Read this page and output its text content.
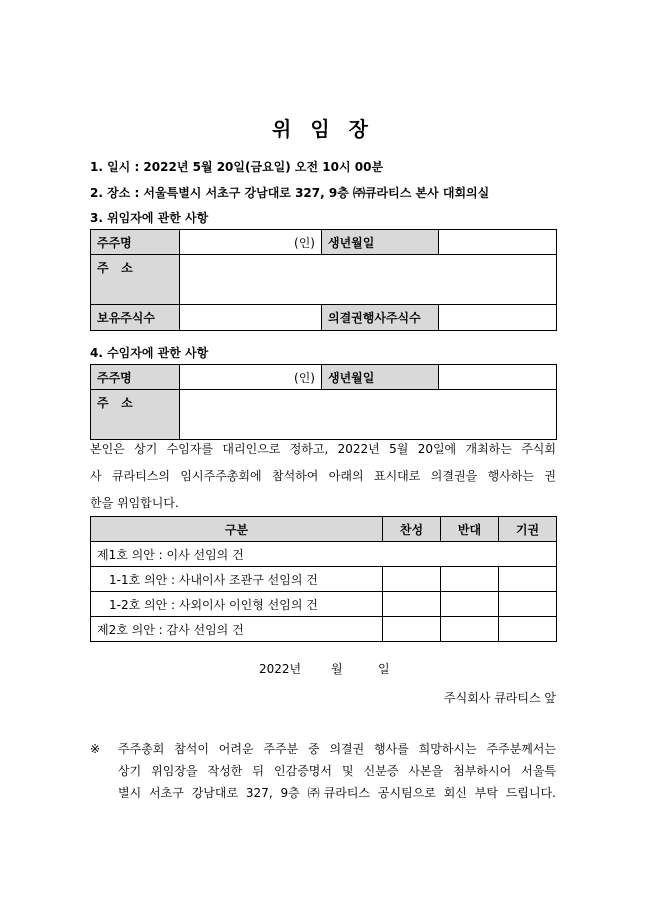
위 임 장
1. 일시 : 2022년 5월 20일(금요일) 오전 10시 00분
2. 장소 : 서울특별시 서초구 강남대로 327, 9층 ㈜큐라티스 본사 대회의실
3. 위임자에 관한 사항
주주명	(인)	생년월일	
주   소			
보유주식수		의결권행사주식수	
4. 수임자에 관한 사항
주주명	(인)	생년월일	
주   소			
본인은 상기 수임자를 대리인으로 정하고, 2022년 5월 20일에 개최하는 주식회
사 큐라티스의 임시주주총회에 참석하여 아래의 표시대로 의결권을 행사하는 권
한을 위임합니다.
구분	찬성	반대	기권
제1호 의안 : 이사 선임의 건			
1-1호 의안 : 사내이사 조관구 선임의 건			
1-2호 의안 : 사외이사 이인형 선임의 건			
제2호 의안 : 감사 선임의 건			
2022년 월	일
주식회사 큐라티스 앞
※ 주주총회 참석이 어려운 주주분 중 의결권 행사를 희망하시는 주주분께서는
상기 위임장을 작성한 뒤 인감증명서 및 신분증 사본을 첨부하시어 서울특
별시 서초구 강남대로 327, 9층 ㈜큐라티스 공시팀으로 회신 부탁 드립니다.
